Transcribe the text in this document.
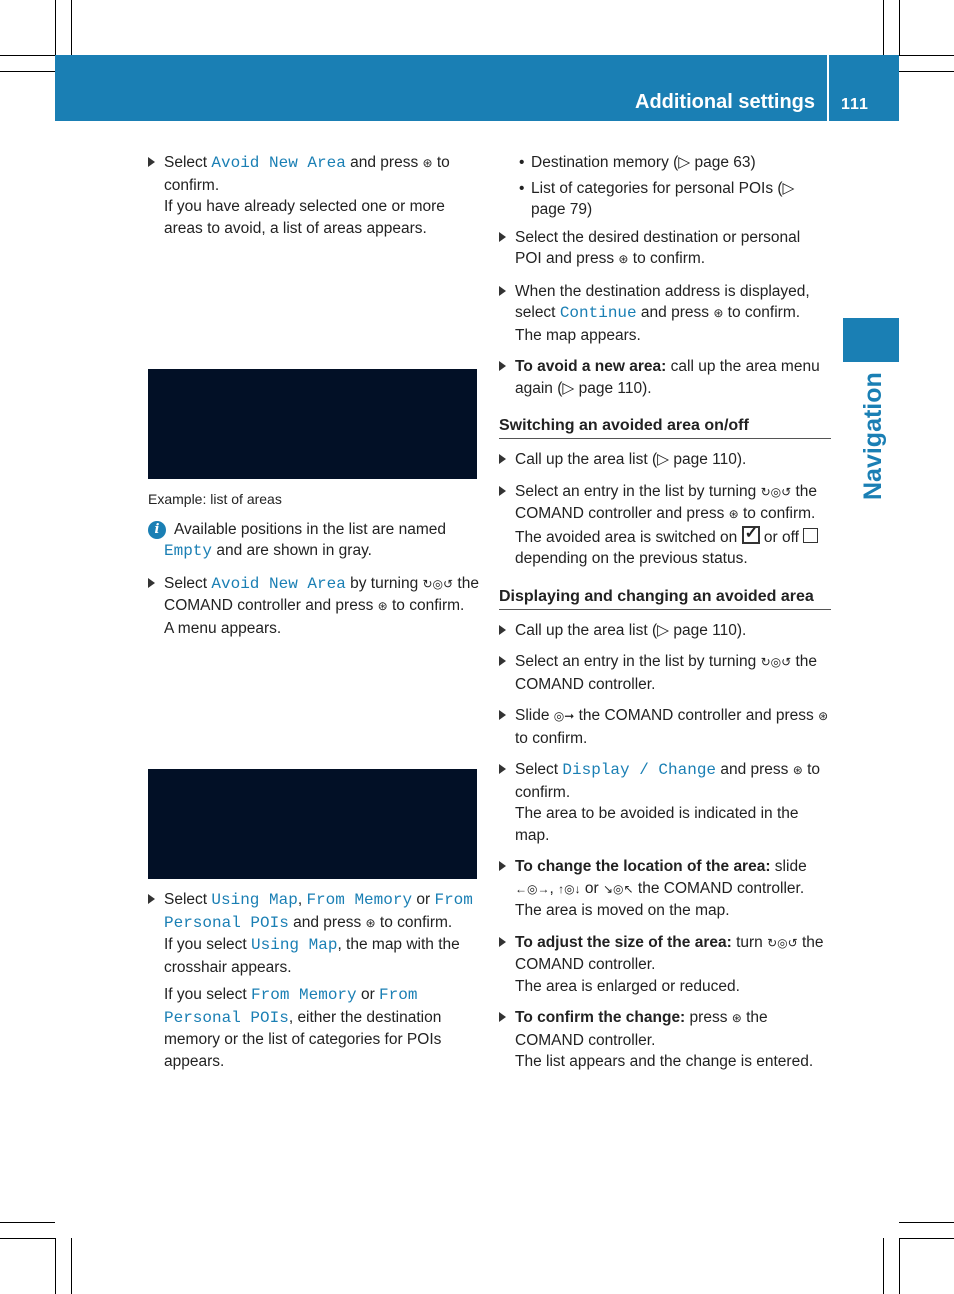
Additional settings 111
Navigation
Select Avoid New Area and press ⊛ to confirm.
If you have already selected one or more areas to avoid, a list of areas appears.
Example: list of areas
i Available positions in the list are named Empty and are shown in gray.
Select Avoid New Area by turning ↻◎↺ the COMAND controller and press ⊛ to confirm.
A menu appears.
Select Using Map, From Memory or From Personal POIs and press ⊛ to confirm.
If you select Using Map, the map with the crosshair appears.
If you select From Memory or From Personal POIs, either the destination memory or the list of categories for POIs appears.
• Destination memory (▷ page 63)
• List of categories for personal POIs (▷ page 79)
Select the desired destination or personal POI and press ⊛ to confirm.
When the destination address is displayed, select Continue and press ⊛ to confirm.
The map appears.
To avoid a new area: call up the area menu again (▷ page 110).
Switching an avoided area on/off
Call up the area list (▷ page 110).
Select an entry in the list by turning ↻◎↺ the COMAND controller and press ⊛ to confirm.
The avoided area is switched on ✓ or off  depending on the previous status.
Displaying and changing an avoided area
Call up the area list (▷ page 110).
Select an entry in the list by turning ↻◎↺ the COMAND controller.
Slide ◎➞ the COMAND controller and press ⊛ to confirm.
Select Display / Change and press ⊛ to confirm.
The area to be avoided is indicated in the map.
To change the location of the area: slide ←◎→, ↑◎↓ or ↘◎↖ the COMAND controller.
The area is moved on the map.
To adjust the size of the area: turn ↻◎↺ the COMAND controller.
The area is enlarged or reduced.
To confirm the change: press ⊛ the COMAND controller.
The list appears and the change is entered.
